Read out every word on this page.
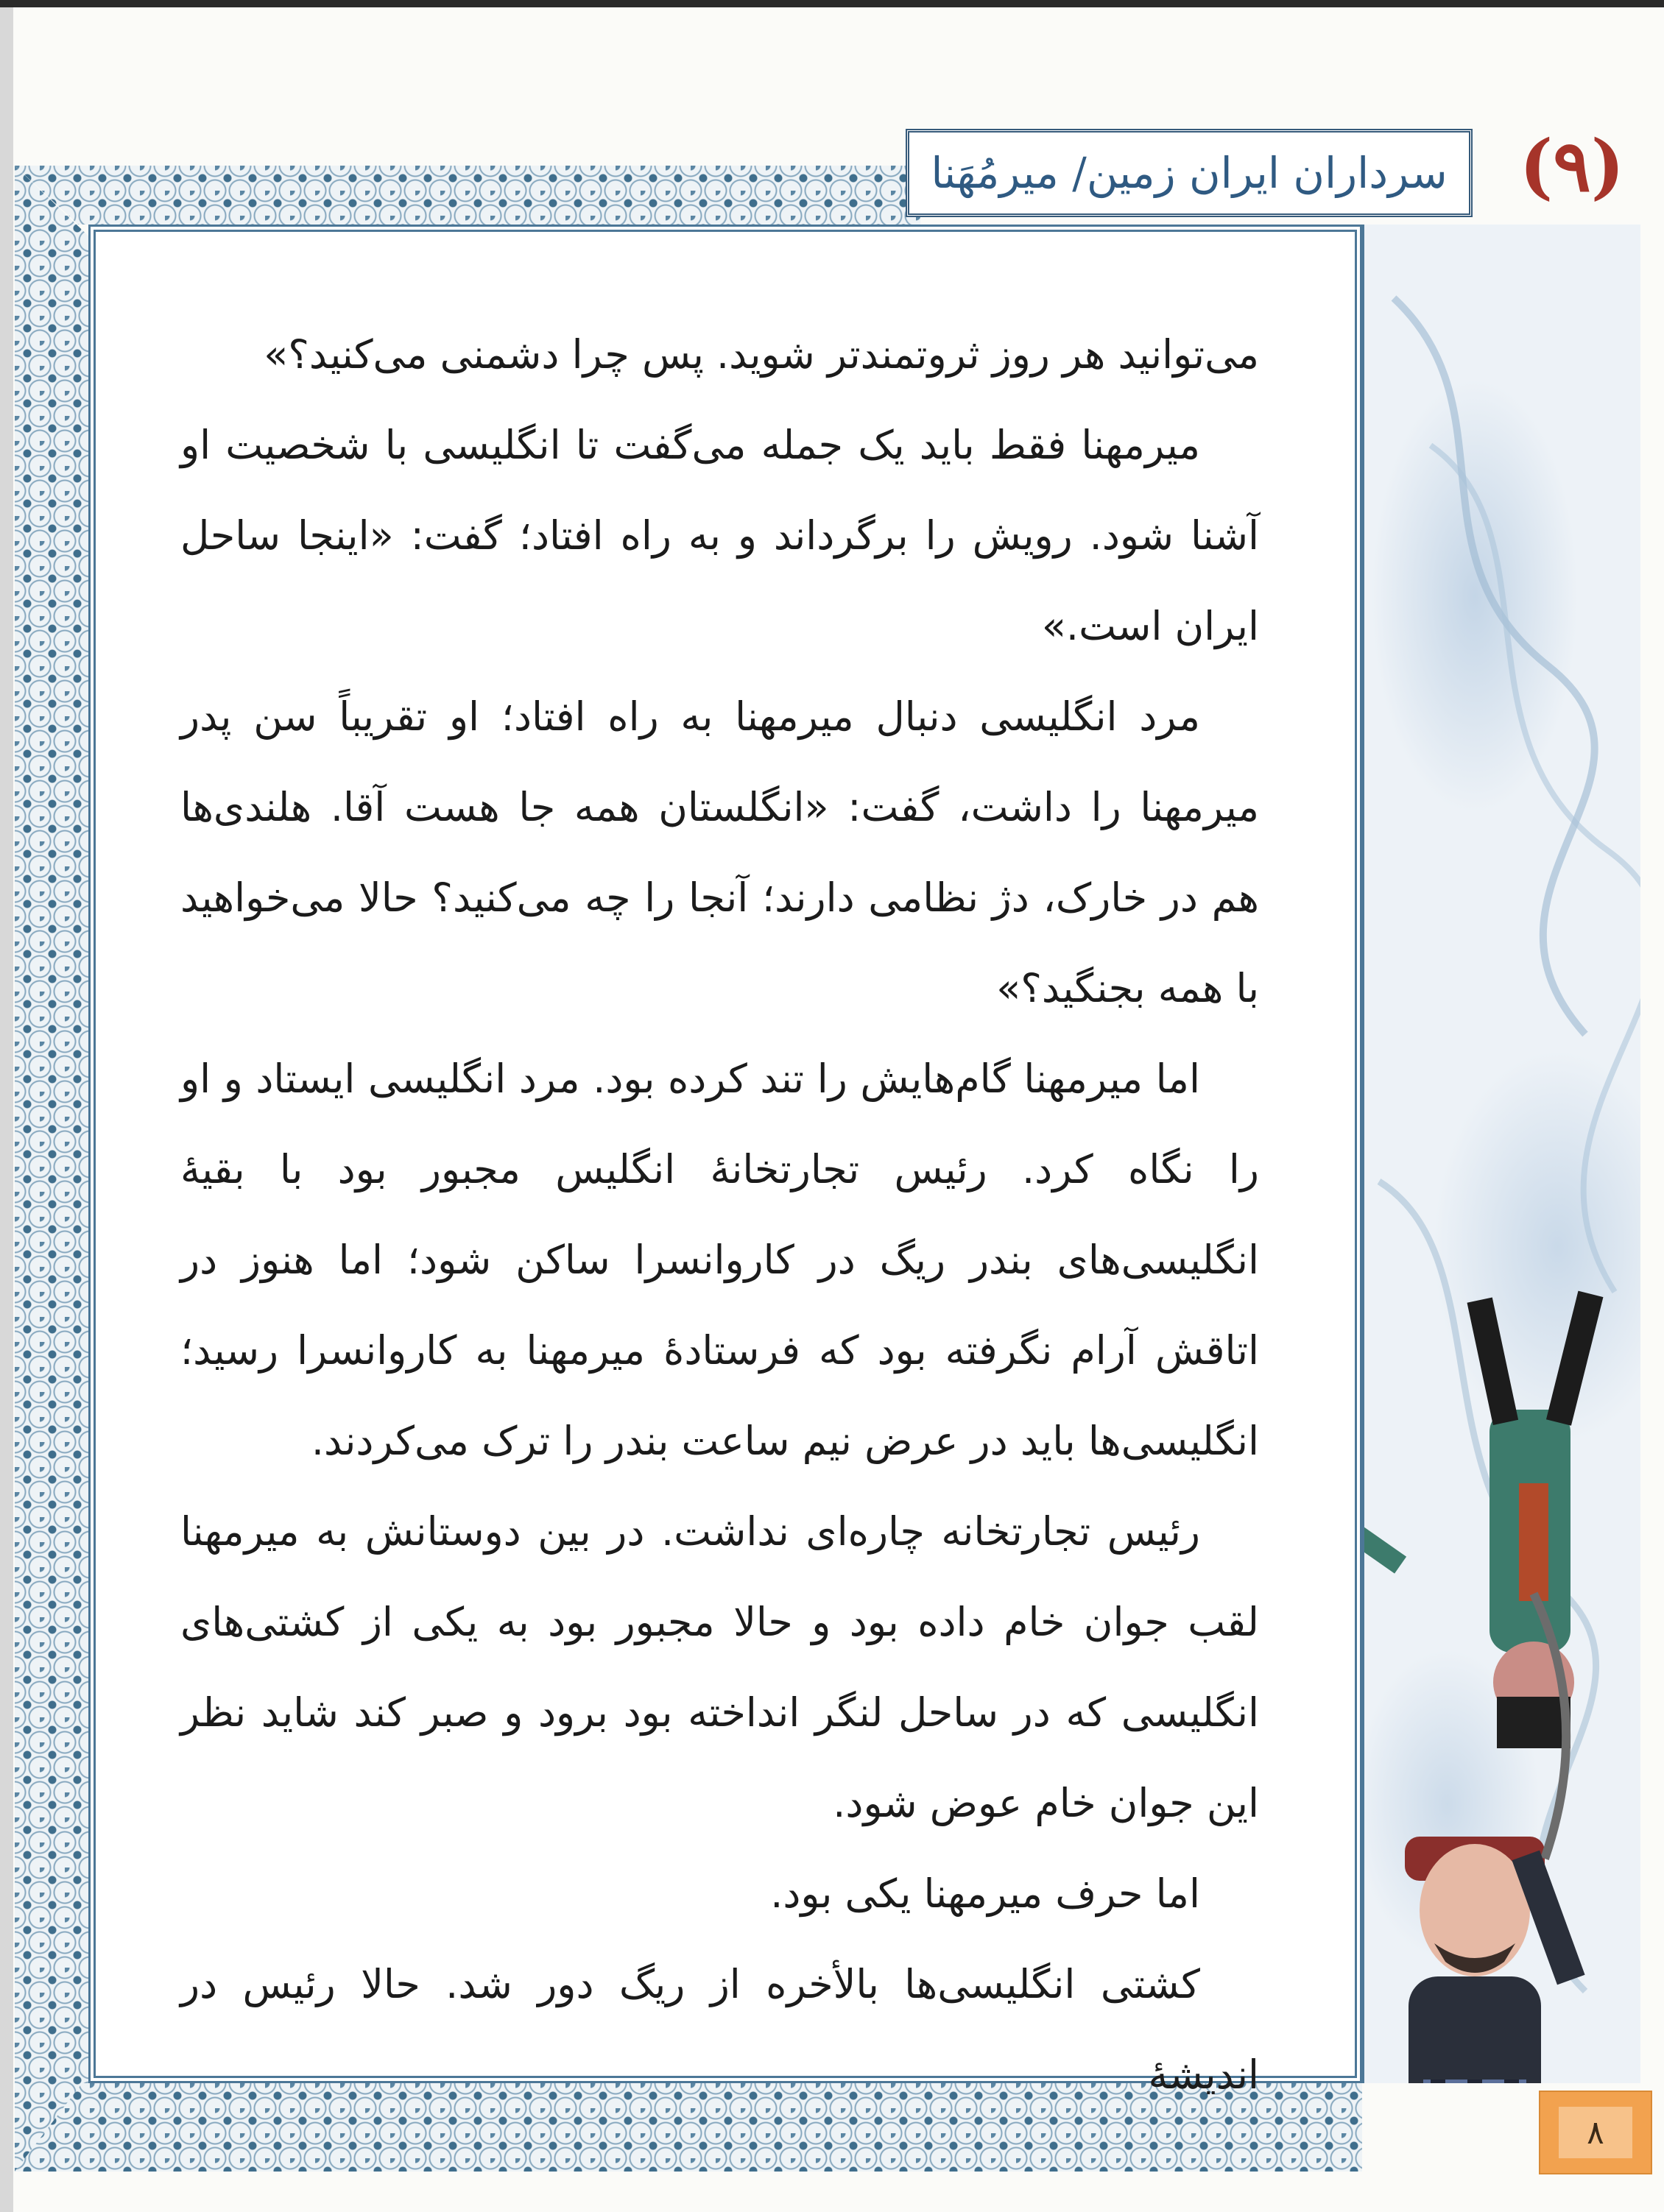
سرداران ایران زمین/ میرمُهَنا	(۹)

می‌توانید هر روز ثروتمندتر شوید. پس چرا دشمنی می‌کنید؟»

میرمهنا فقط باید یک جمله می‌گفت تا انگلیسی با شخصیت او آشنا شود. رویش را برگرداند و به راه افتاد؛ گفت: «اینجا ساحل ایران است.»

مرد انگلیسی دنبال میرمهنا به راه افتاد؛ او تقریباً سن پدر میرمهنا را داشت، گفت: «انگلستان همه جا هست آقا. هلندی‌ها هم در خارک، دژ نظامی دارند؛ آنجا را چه می‌کنید؟ حالا می‌خواهید با همه بجنگید؟»

اما میرمهنا گام‌هایش را تند کرده بود. مرد انگلیسی ایستاد و او را نگاه کرد. رئیس تجارتخانهٔ انگلیس مجبور بود با بقیهٔ انگلیسی‌های بندر ریگ در کاروانسرا ساکن شود؛ اما هنوز در اتاقش آرام نگرفته بود که فرستادهٔ میرمهنا به کاروانسرا رسید؛ انگلیسی‌ها باید در عرض نیم ساعت بندر را ترک می‌کردند.

رئیس تجارتخانه چاره‌ای نداشت. در بین دوستانش به میرمهنا لقب جوان خام داده بود و حالا مجبور بود به یکی از کشتی‌های انگلیسی که در ساحل لنگر انداخته بود برود و صبر کند شاید نظر این جوان خام عوض شود.

اما حرف میرمهنا یکی بود.

کشتی انگلیسی‌ها بالأخره از ریگ دور شد. حالا رئیس در اندیشهٔ

۸
